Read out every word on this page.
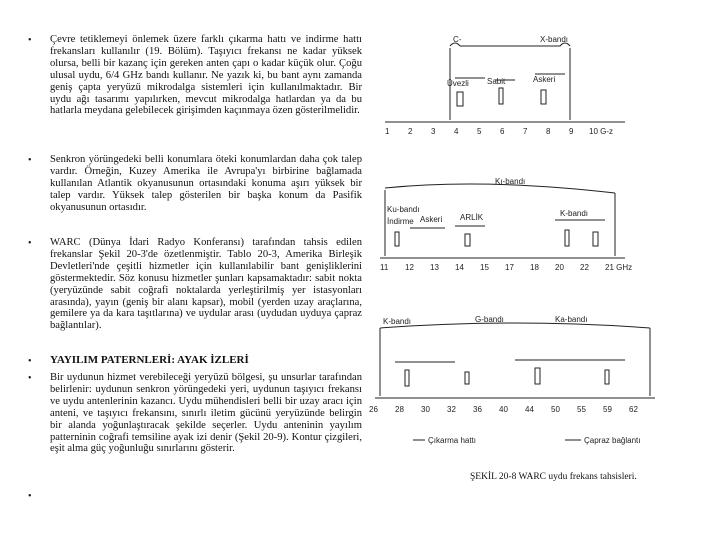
• Çevre tetiklemeyi önlemek üzere farklı çıkarma hattı ve indirme hattı frekansları kullanılır (19. Bölüm). Taşıyıcı frekansı ne kadar yüksek olursa, belli bir kazanç için gereken anten çapı o kadar küçük olur. Çoğu ulusal uydu, 6/4 GHz bandı kullanır. Ne yazık ki, bu bant aynı zamanda geniş çapta yeryüzü mikrodalga sistemleri için kullanılmaktadır. Bir uydu ağı tasarımı yapılırken, mevcut mikrodalga hatlardan ya da bu hatlarla meydana gelebilecek girişimden kaçınmaya özen gösterilmelidir.
• Senkron yörüngedeki belli konumlara öteki konumlardan daha çok talep vardır. Örneğin, Kuzey Amerika ile Avrupa'yı birbirine bağlamada kullanılan Atlantik okyanusunun ortasındaki konuma aşırı yüksek bir talep vardır. Yüksek talep gösterilen bir başka konum da Pasifik okyanusunun ortasıdır.
• WARC (Dünya İdari Radyo Konferansı) tarafından tahsis edilen frekanslar Şekil 20-3'de özetlenmiştir. Tablo 20-3, Amerika Birleşik Devletleri'nde çeşitli hizmetler için kullanılabilir bant genişliklerini göstermektedir. Söz konusu hizmetler şunları kapsamaktadır: sabit nokta (yeryüzünde sabit coğrafi noktalarda yerleştirilmiş yer istasyonları arasında), yayın (geniş bir alanı kapsar), mobil (yerden uzay araçlarına, gemilere ya da kara taşıtlarına) ve uydular arası (uydudan uyduya çapraz bağlantılar).
• YAYILIM PATERNLERİ: AYAK İZLERİ
• Bir uydunun hizmet verebileceği yeryüzü bölgesi, şu unsurlar tarafından belirlenir: uydunun senkron yörüngedeki yeri, uydunun taşıyıcı frekansı ve uydu antenlerinin kazancı. Uydu mühendisleri belli bir uzay aracı için anteni, ve taşıyıcı frekansını, sınırlı iletim gücünü yeryüzünde belirgin bir alanda yoğunlaştıracak şekilde seçerler. Uydu anteninin yayılım patterninin coğrafi temsiline ayak izi denir (Şekil 20-9). Kontur çizgileri, eşit alma güç yoğunluğu sınırlarını gösterir.
•
C-	X-bandı
Üvezli Sabit	Askeri
1 2 3 4 5 6 7 8 9 10 G-z
Kı-bandı
Ku-bandı
İndirme Askeri ARLİK	K-bandı
11 12 13 14 15 17 18 20 22 21 GHz
K-bandı	G-bandı	Ka-bandı
26 28 30 32 36 40 44 50 55 59 62
Çıkarma hattı	Çapraz bağlantı
ŞEKİL 20-8 WARC uydu frekans tahsisleri.
